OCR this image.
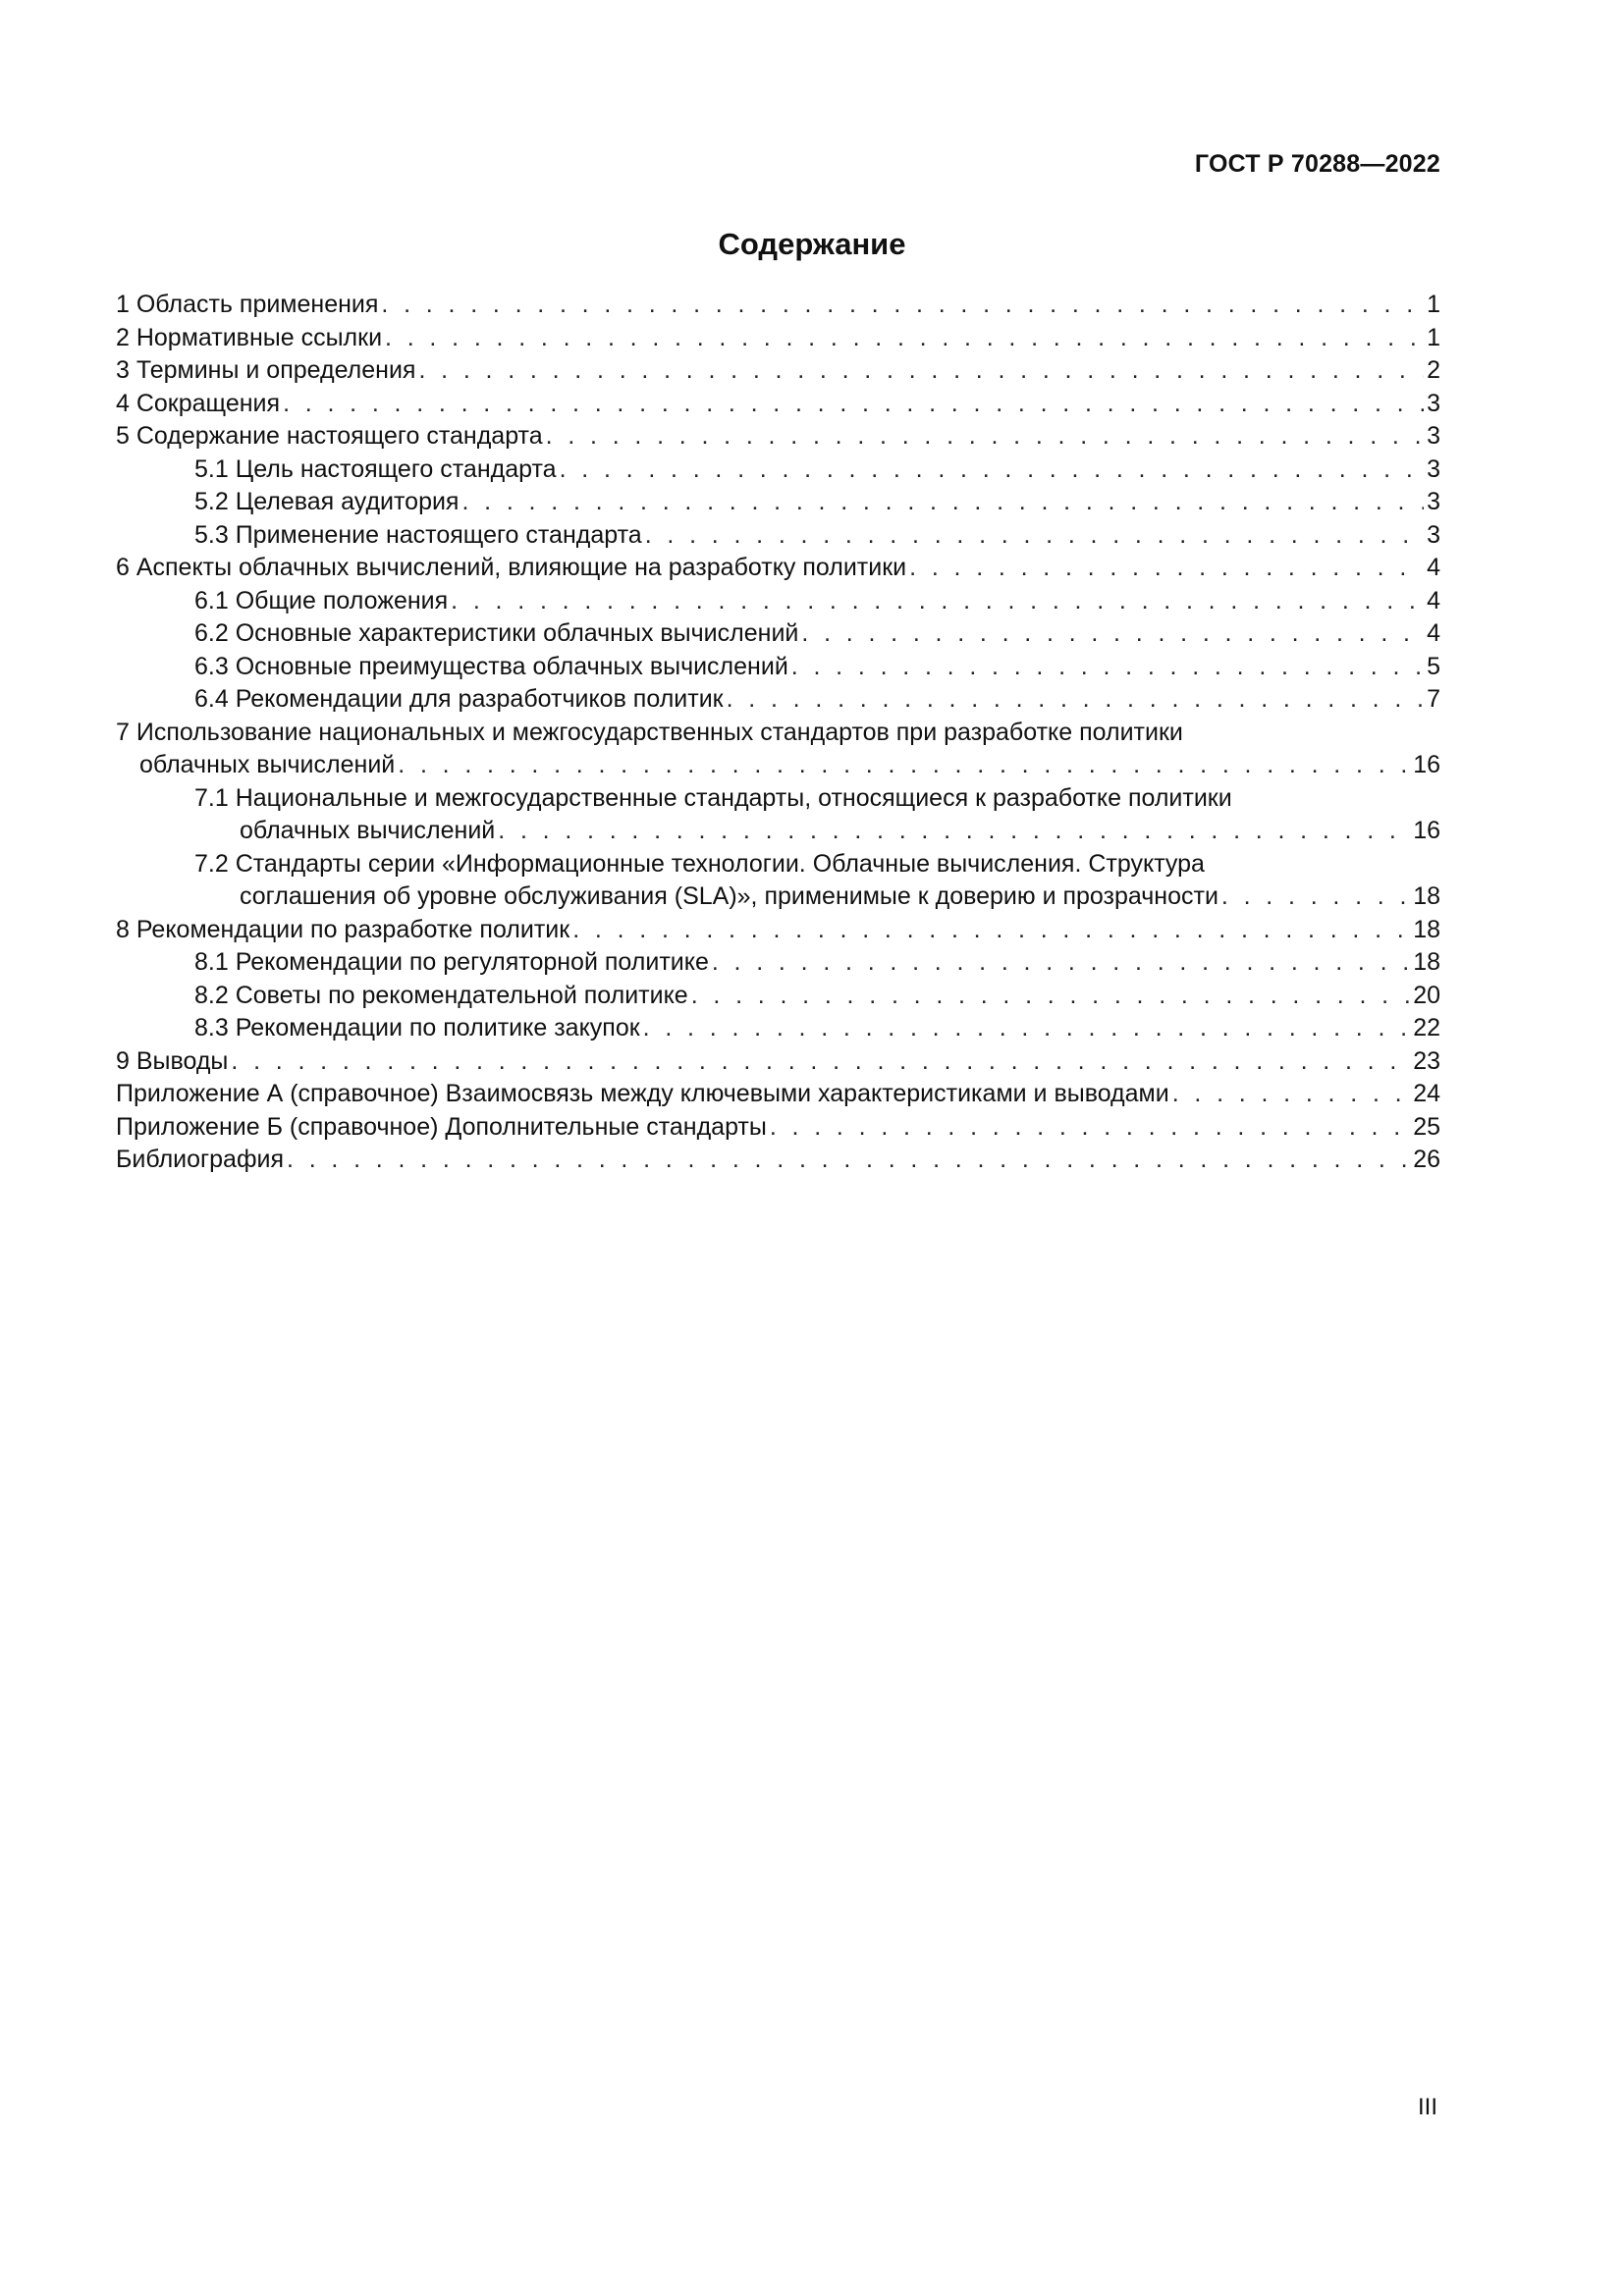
ГОСТ Р 70288—2022
Содержание
1 Область применения . . .	1
2 Нормативные ссылки . . .	1
3 Термины и определения . . .	2
4 Сокращения . . .	3
5 Содержание настоящего стандарта . . .	3
5.1 Цель настоящего стандарта . . .	3
5.2 Целевая аудитория . . .	3
5.3 Применение настоящего стандарта . . .	3
6 Аспекты облачных вычислений, влияющие на разработку политики . . .	4
6.1 Общие положения . . .	4
6.2 Основные характеристики облачных вычислений . . .	4
6.3 Основные преимущества облачных вычислений . . .	5
6.4 Рекомендации для разработчиков политик . . .	7
7 Использование национальных и межгосударственных стандартов при разработке политики
облачных вычислений . . .	16
7.1 Национальные и межгосударственные стандарты, относящиеся к разработке политики
облачных вычислений . . .	16
7.2 Стандарты серии «Информационные технологии. Облачные вычисления. Структура
соглашения об уровне обслуживания (SLA)», применимые к доверию и прозрачности . . .	18
8 Рекомендации по разработке политик . . .	18
8.1 Рекомендации по регуляторной политике . . .	18
8.2 Советы по рекомендательной политике . . .	20
8.3 Рекомендации по политике закупок . . .	22
9 Выводы . . .	23
Приложение А (справочное) Взаимосвязь между ключевыми характеристиками и выводами . . .	24
Приложение Б (справочное) Дополнительные стандарты . . .	25
Библиография . . .	26
III
